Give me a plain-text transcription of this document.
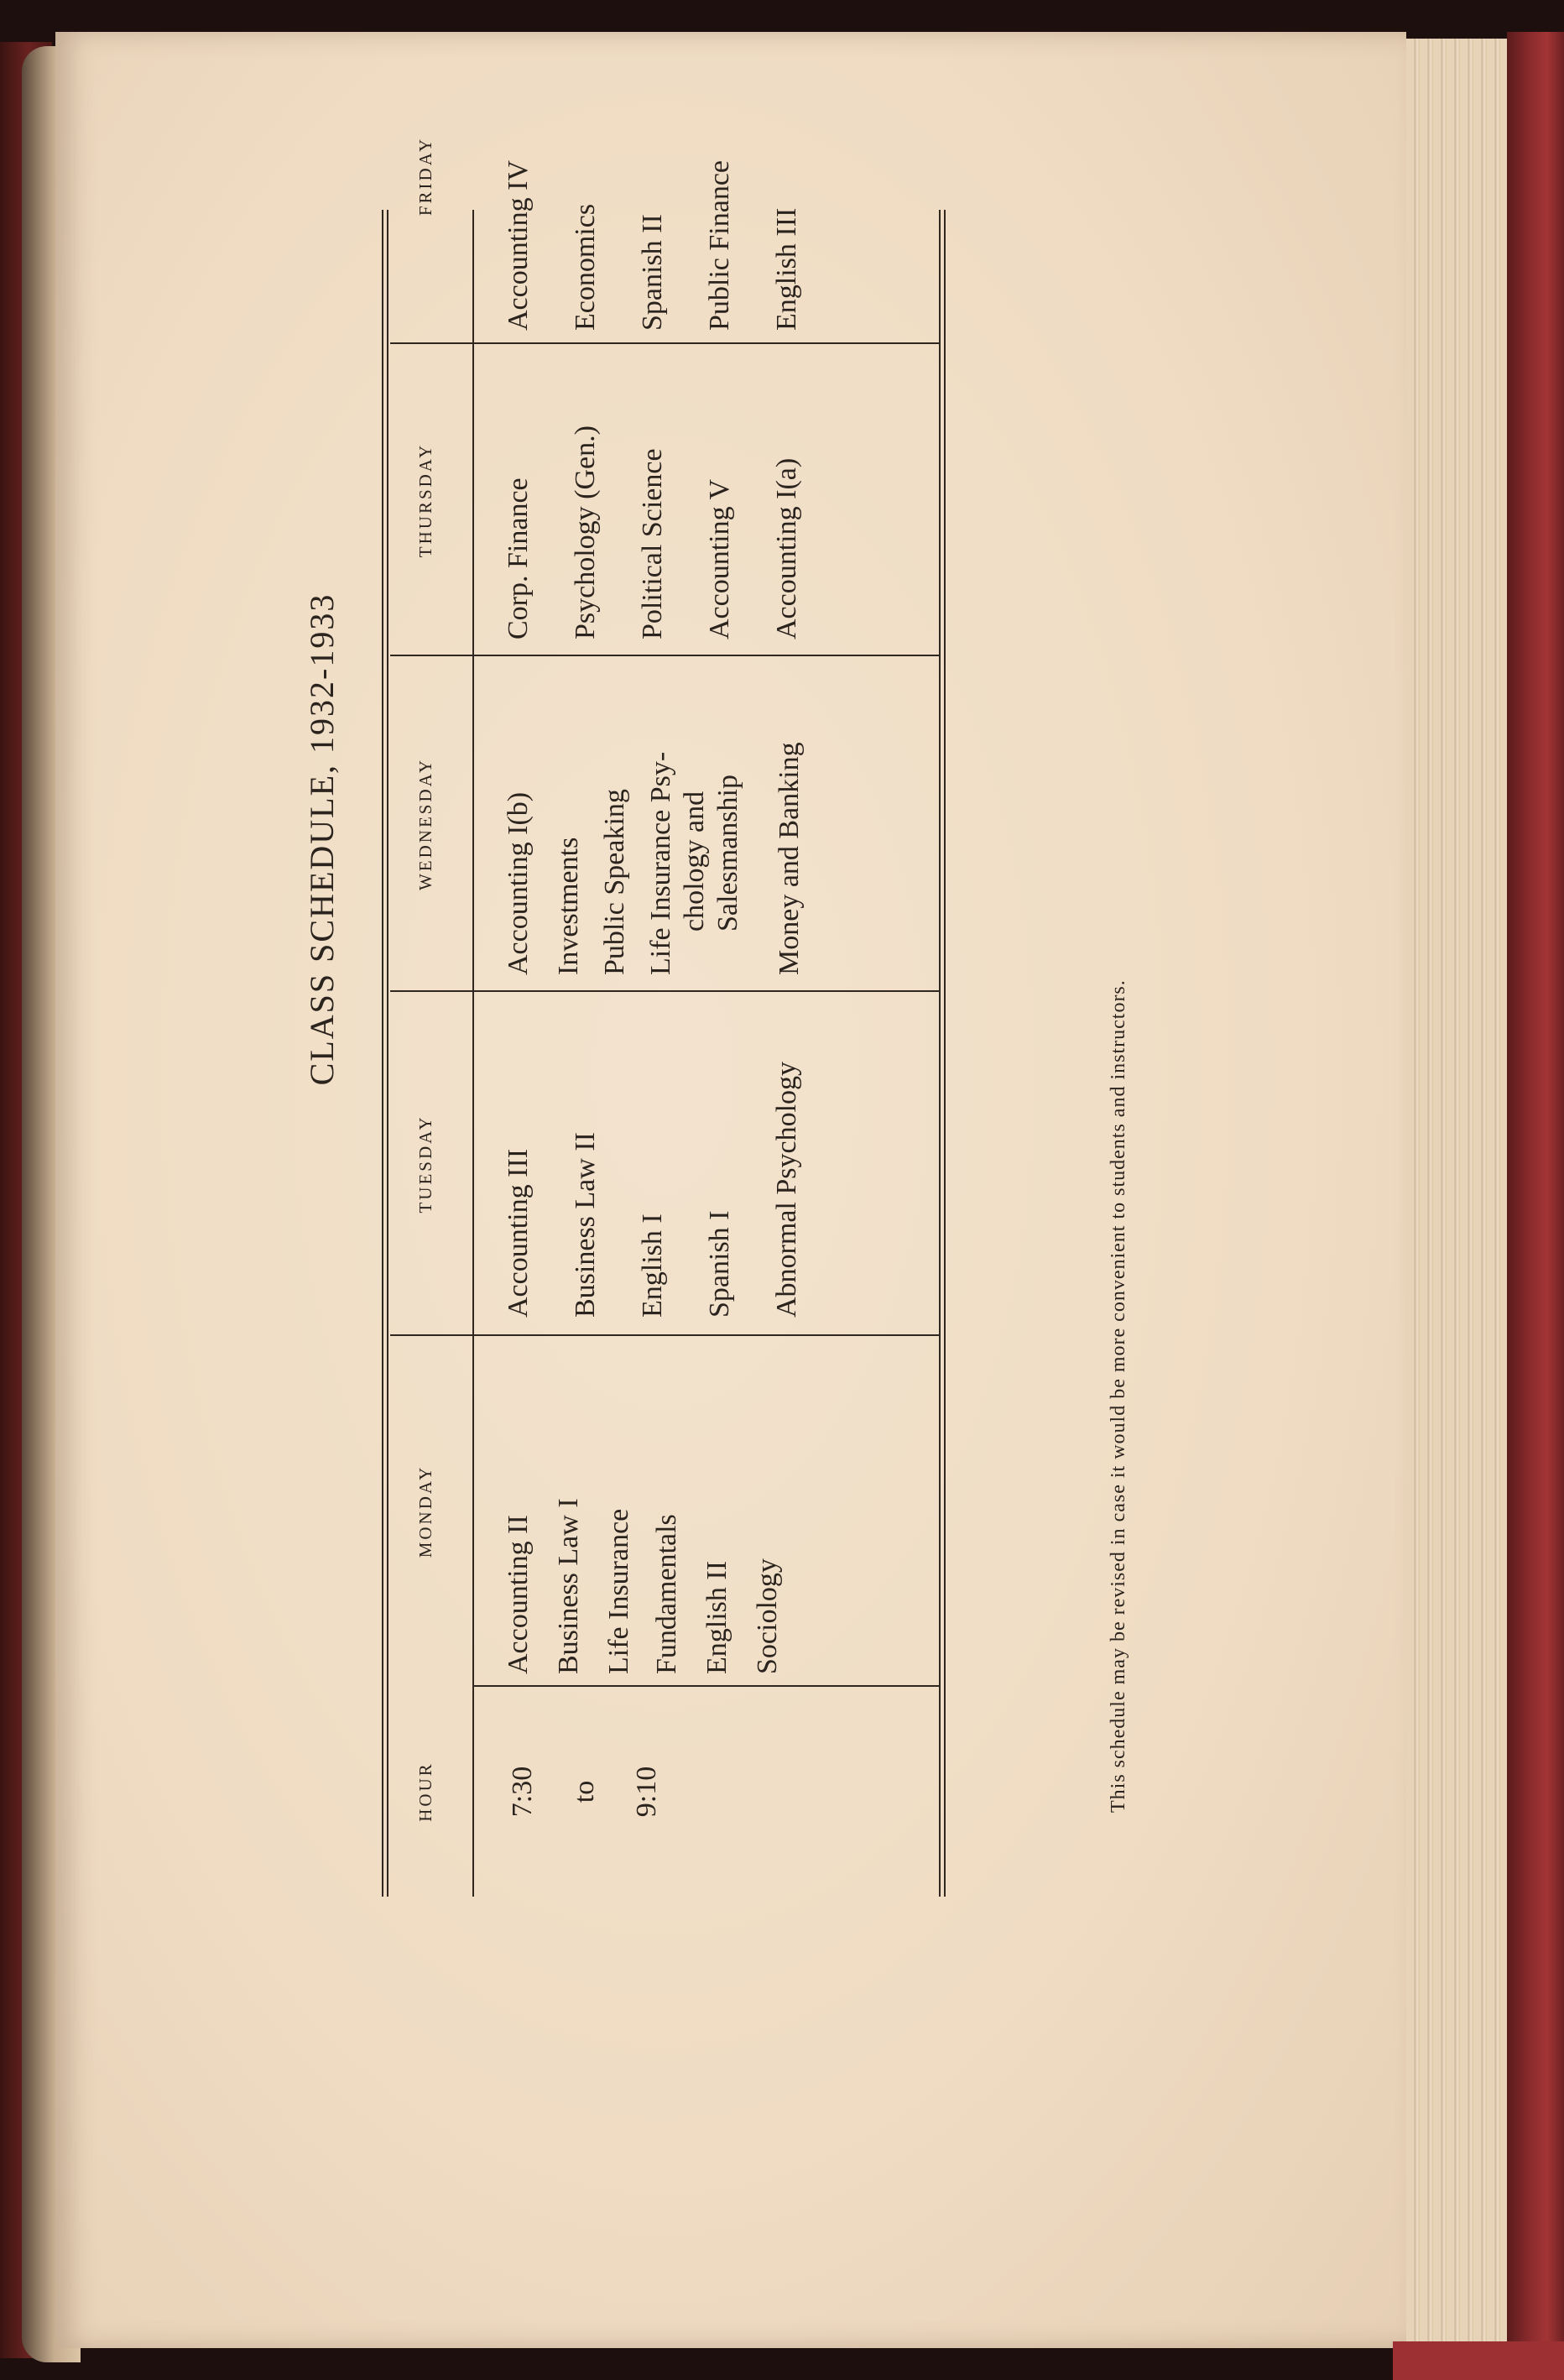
CLASS SCHEDULE, 1932-1933
HOUR
MONDAY
TUESDAY
WEDNESDAY
THURSDAY
FRIDAY
7:30	to	9:10
Accounting II Business Law I Life Insurance Fundamentals English II Sociology
Accounting III Business Law II English I Spanish I Abnormal Psychology
Accounting I(b) Investments Public Speaking Life Insurance Psy- chology and Salesmanship Money and Banking
Corp. Finance Psychology (Gen.) Political Science Accounting V Accounting I(a)
Accounting IV Economics Spanish II Public Finance English III
This schedule may be revised in case it would be more convenient to students and instructors.
